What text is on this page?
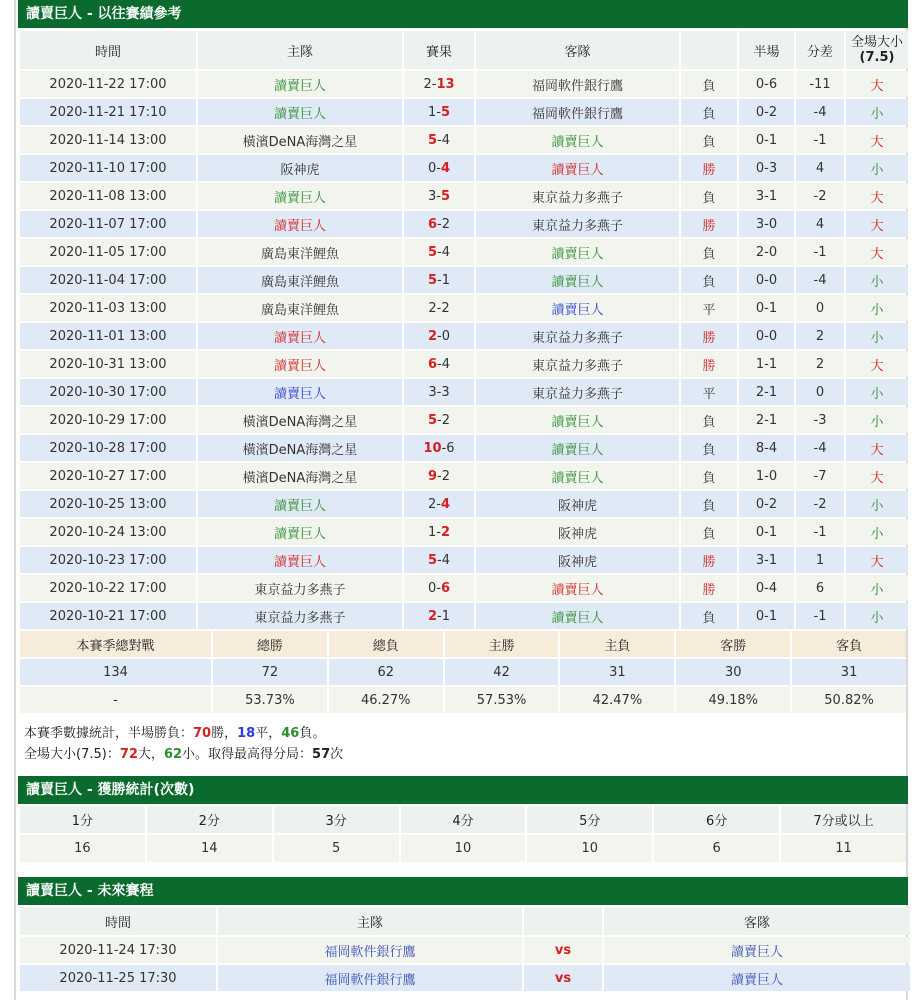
讀賣巨人 - 以往賽績參考
時間	主隊	賽果	客隊		半場	分差	全場大小
(7.5)
2020-11-22 17:00	讀賣巨人	2-13	福岡軟件銀行鷹	負	0-6	-11	大
2020-11-21 17:10	讀賣巨人	1-5	福岡軟件銀行鷹	負	0-2	-4	小
2020-11-14 13:00	橫濱DeNA海灣之星	5-4	讀賣巨人	負	0-1	-1	大
2020-11-10 17:00	阪神虎	0-4	讀賣巨人	勝	0-3	4	小
2020-11-08 13:00	讀賣巨人	3-5	東京益力多燕子	負	3-1	-2	大
2020-11-07 17:00	讀賣巨人	6-2	東京益力多燕子	勝	3-0	4	大
2020-11-05 17:00	廣島東洋鯉魚	5-4	讀賣巨人	負	2-0	-1	大
2020-11-04 17:00	廣島東洋鯉魚	5-1	讀賣巨人	負	0-0	-4	小
2020-11-03 13:00	廣島東洋鯉魚	2-2	讀賣巨人	平	0-1	0	小
2020-11-01 13:00	讀賣巨人	2-0	東京益力多燕子	勝	0-0	2	小
2020-10-31 13:00	讀賣巨人	6-4	東京益力多燕子	勝	1-1	2	大
2020-10-30 17:00	讀賣巨人	3-3	東京益力多燕子	平	2-1	0	小
2020-10-29 17:00	橫濱DeNA海灣之星	5-2	讀賣巨人	負	2-1	-3	小
2020-10-28 17:00	橫濱DeNA海灣之星	10-6	讀賣巨人	負	8-4	-4	大
2020-10-27 17:00	橫濱DeNA海灣之星	9-2	讀賣巨人	負	1-0	-7	大
2020-10-25 13:00	讀賣巨人	2-4	阪神虎	負	0-2	-2	小
2020-10-24 13:00	讀賣巨人	1-2	阪神虎	負	0-1	-1	小
2020-10-23 17:00	讀賣巨人	5-4	阪神虎	勝	3-1	1	大
2020-10-22 17:00	東京益力多燕子	0-6	讀賣巨人	勝	0-4	6	小
2020-10-21 17:00	東京益力多燕子	2-1	讀賣巨人	負	0-1	-1	小
本賽季總對戰	總勝	總負	主勝	主負	客勝	客負
134	72	62	42	31	30	31
-	53.73%	46.27%	57.53%	42.47%	49.18%	50.82%
本賽季數據統計，半場勝負：70勝，18平，46負。
全場大小(7.5)：72大，62小。取得最高得分局：57次
讀賣巨人 - 獲勝統計(次數)
1分	2分	3分	4分	5分	6分	7分或以上
16	14	5	10	10	6	11
讀賣巨人 - 未來賽程
時間	主隊		客隊
2020-11-24 17:30	福岡軟件銀行鷹	vs	讀賣巨人
2020-11-25 17:30	福岡軟件銀行鷹	vs	讀賣巨人
